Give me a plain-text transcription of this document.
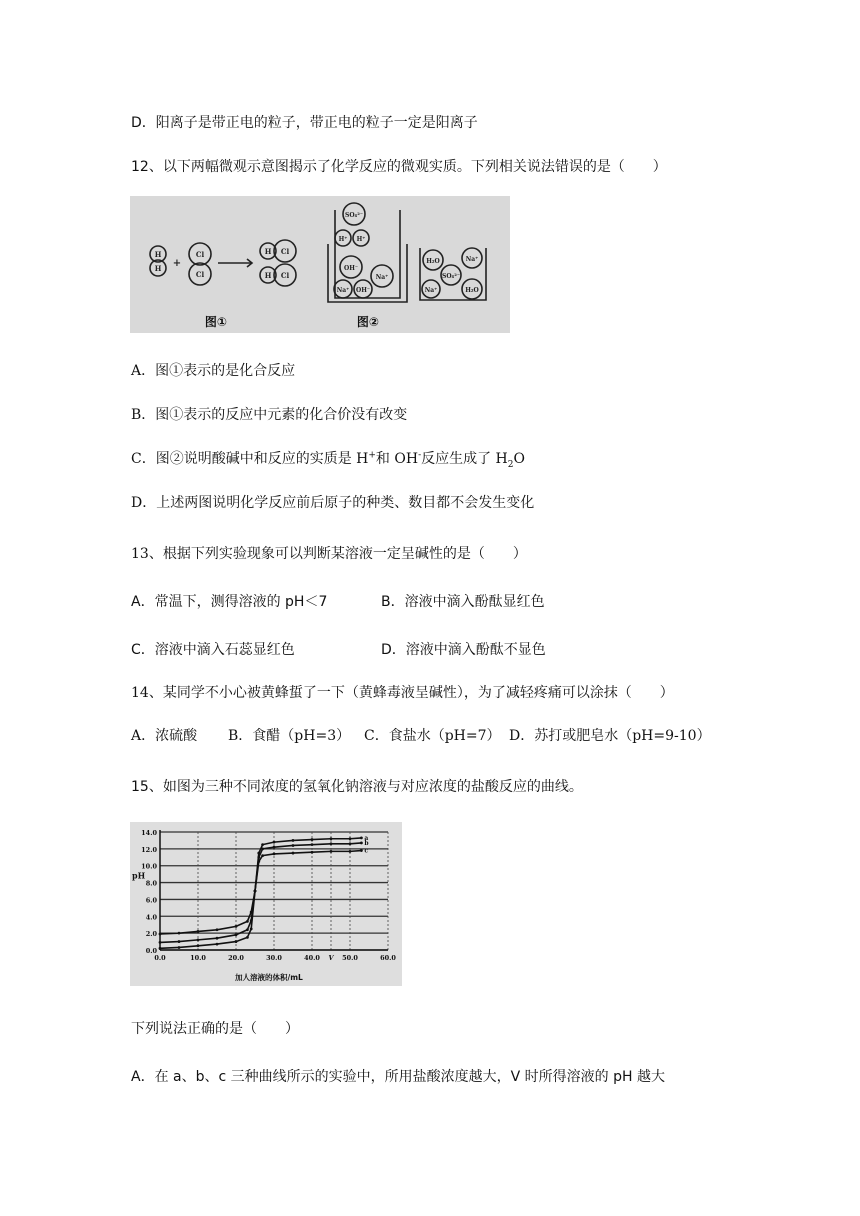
D．阳离子是带正电的粒子，带正电的粒子一定是阳离子
12、以下两幅微观示意图揭示了化学反应的微观实质。下列相关说法错误的是（　　）
H
H +
Cl
Cl
H Cl
H Cl
SO₄²⁻
H⁺ H⁺
OH⁻
Na⁺
Na⁺ OH⁻
H₂O	Na⁺
SO₄²⁻
Na⁺	H₂O
图①	图②
A．图①表示的是化合反应
B．图①表示的反应中元素的化合价没有改变
C．图②说明酸碱中和反应的实质是 H+和 OH-反应生成了 $H_2O$
D．上述两图说明化学反应前后原子的种类、数目都不会发生变化
13、根据下列实验现象可以判断某溶液一定呈碱性的是（　　）
A．常温下，测得溶液的 pH＜7	B．溶液中滴入酚酞显红色
C．溶液中滴入石蕊显红色	D．溶液中滴入酚酞不显色
14、某同学不小心被黄蜂蜇了一下（黄蜂毒液呈碱性），为了减轻疼痛可以涂抹（　　）
A．浓硫酸 B．食醋（pH=3） C．食盐水（pH=7） D．苏打或肥皂水（pH=9-10）
15、如图为三种不同浓度的氢氧化钠溶液与对应浓度的盐酸反应的曲线。
0.0
2.0
4.0
6.0
8.0
10.0
12.0
14.0
0.0	10.0	20.0	30.0	40.0 V 50.0	60.0
a
b
c
pH
加人溶液的体积/mL
下列说法正确的是（　　）
A．在 a、b、c 三种曲线所示的实验中，所用盐酸浓度越大，V 时所得溶液的 pH 越大
